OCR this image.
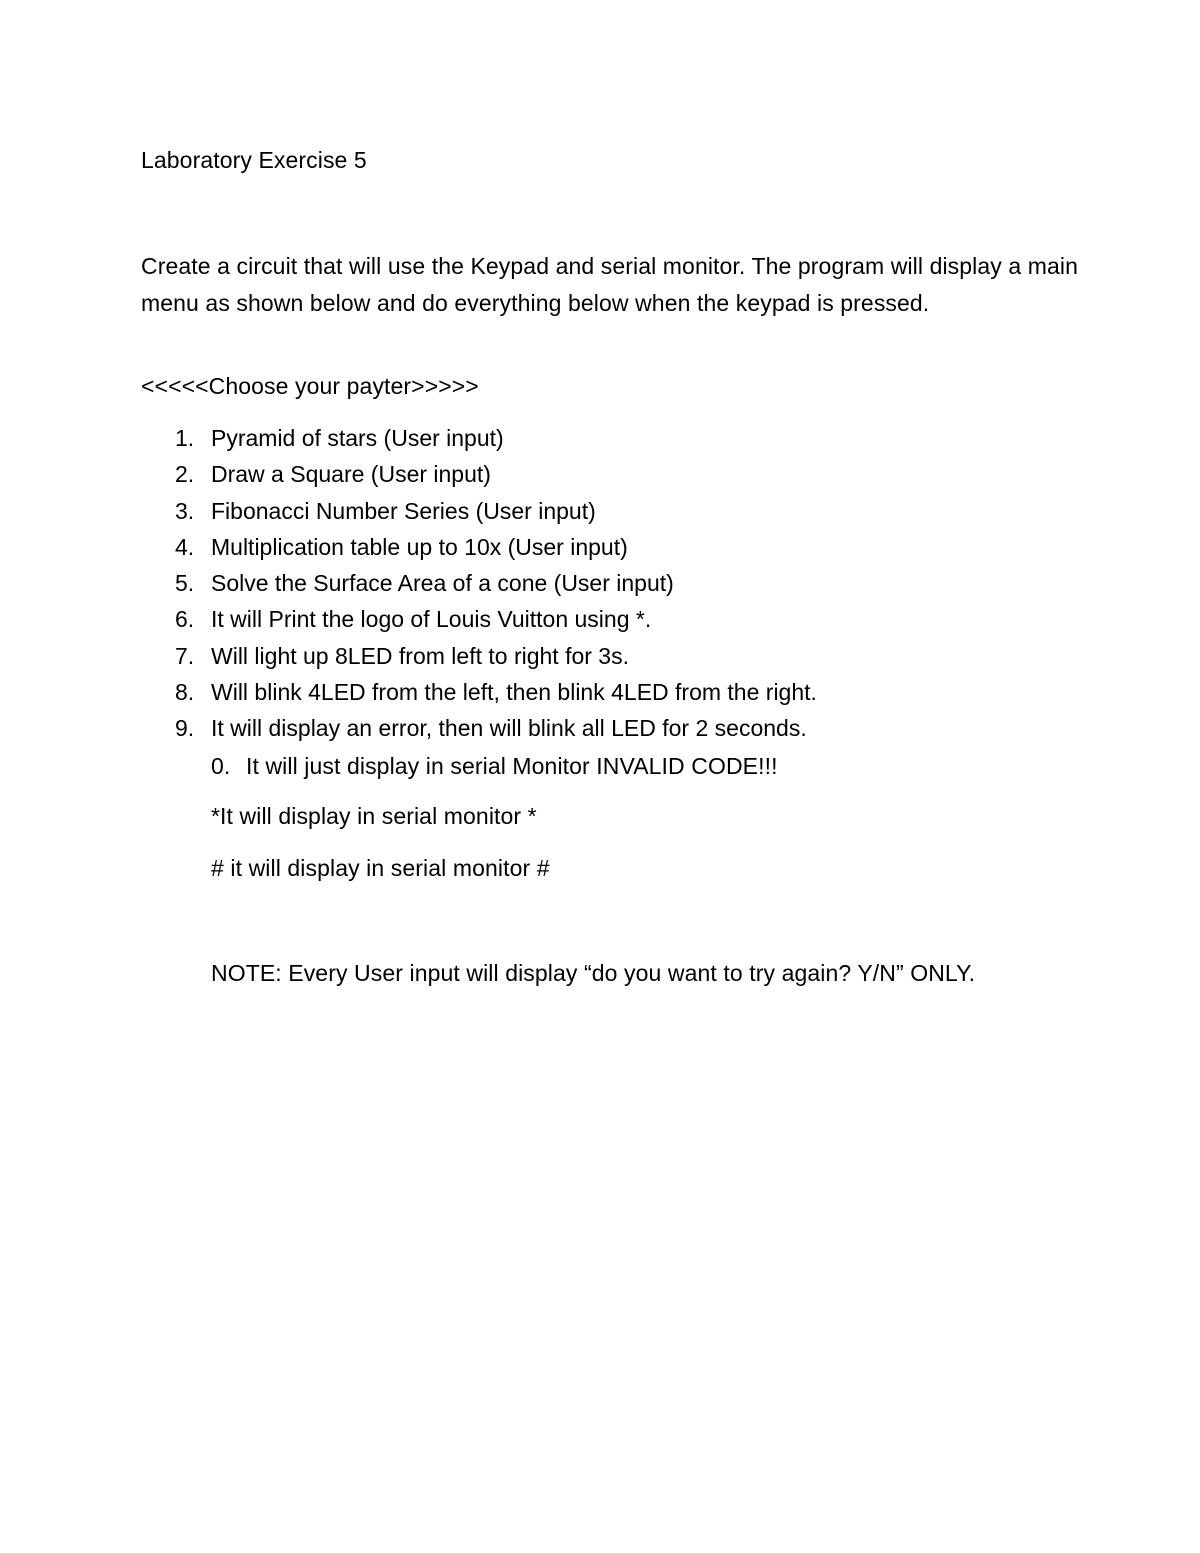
Laboratory Exercise 5
Create a circuit that will use the Keypad and serial monitor. The program will display a main menu as shown below and do everything below when the keypad is pressed.
<<<<<Choose your payter>>>>>
1. Pyramid of stars (User input)
2. Draw a Square (User input)
3. Fibonacci Number Series (User input)
4. Multiplication table up to 10x (User input)
5. Solve the Surface Area of a cone (User input)
6. It will Print the logo of Louis Vuitton using *.
7. Will light up 8LED from left to right for 3s.
8. Will blink 4LED from the left, then blink 4LED from the right.
9. It will display an error, then will blink all LED for 2 seconds.
0. It will just display in serial Monitor INVALID CODE!!!
*It will display in serial monitor *
# it will display in serial monitor #
NOTE: Every User input will display “do you want to try again? Y/N” ONLY.
